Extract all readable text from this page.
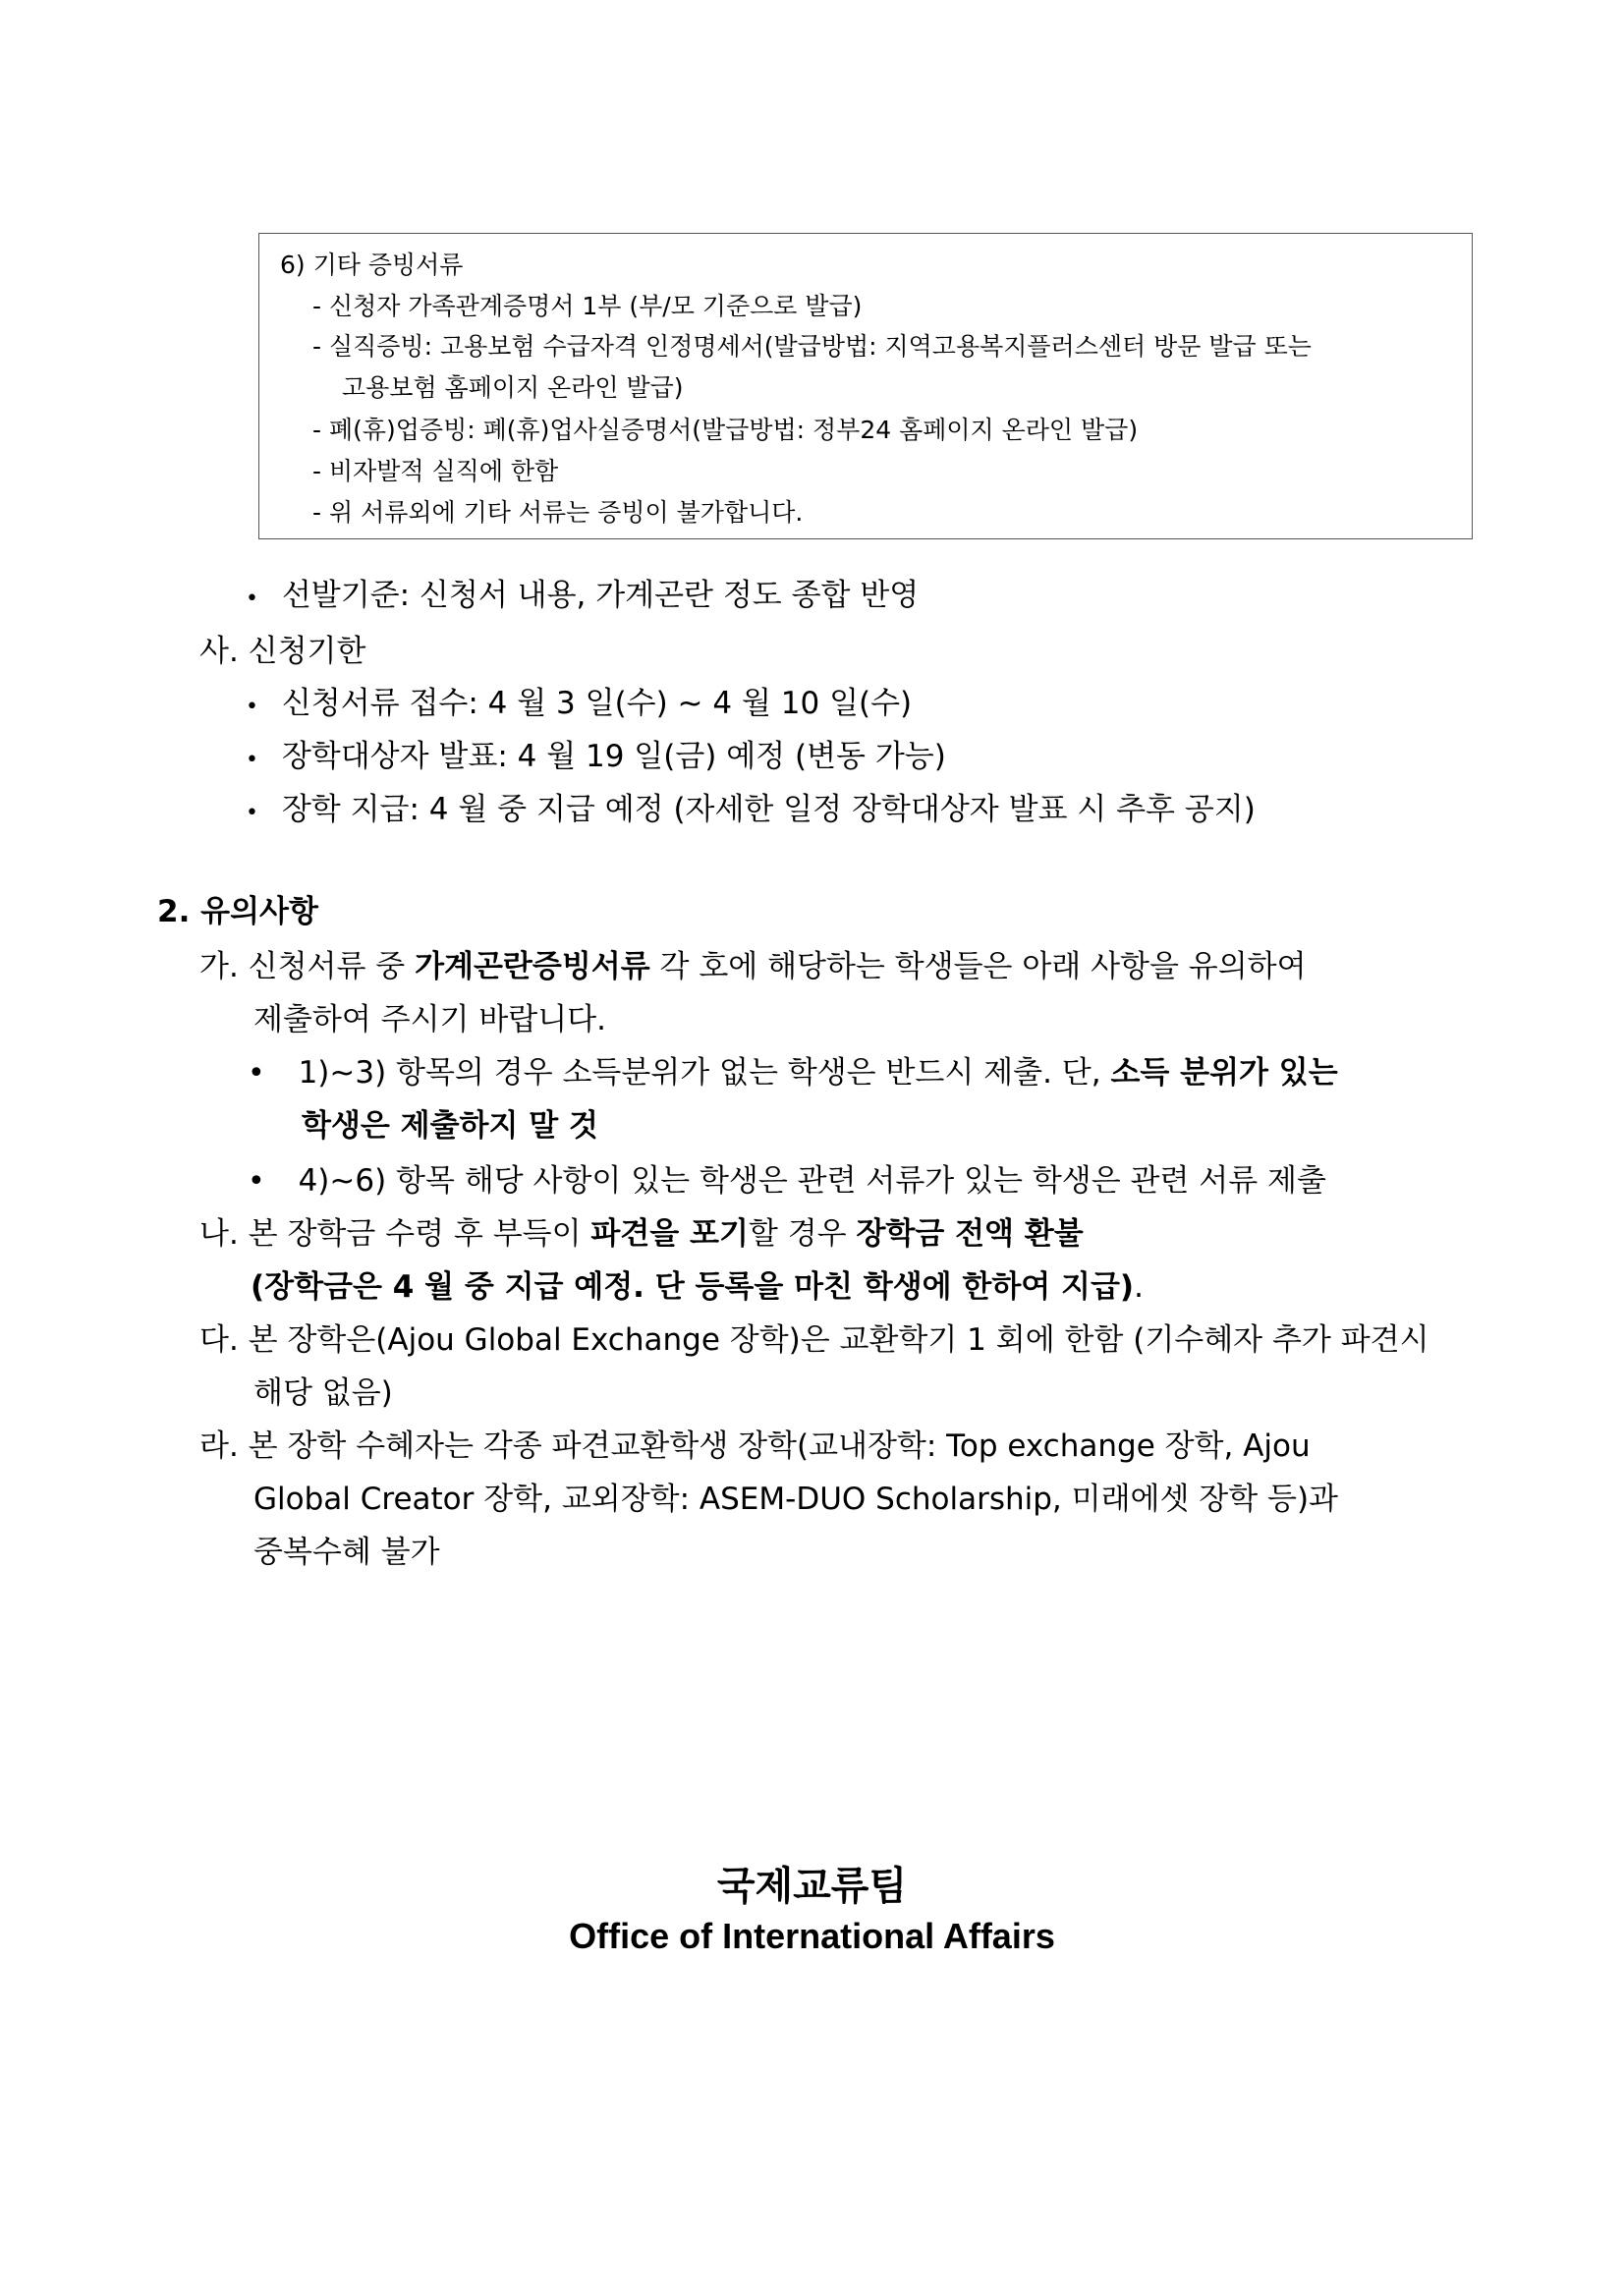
6) 기타 증빙서류
- 신청자 가족관계증명서 1부 (부/모 기준으로 발급)
- 실직증빙: 고용보험 수급자격 인정명세서(발급방법: 지역고용복지플러스센터 방문 발급 또는
고용보험 홈페이지 온라인 발급)
- 폐(휴)업증빙: 폐(휴)업사실증명서(발급방법: 정부24 홈페이지 온라인 발급)
- 비자발적 실직에 한함
- 위 서류외에 기타 서류는 증빙이 불가합니다.
• 선발기준: 신청서 내용, 가계곤란 정도 종합 반영
사. 신청기한
• 신청서류 접수: 4 월 3 일(수) ~ 4 월 10 일(수)
• 장학대상자 발표: 4 월 19 일(금) 예정 (변동 가능)
• 장학 지급: 4 월 중 지급 예정 (자세한 일정 장학대상자 발표 시 추후 공지)
2. 유의사항
가. 신청서류 중 가계곤란증빙서류 각 호에 해당하는 학생들은 아래 사항을 유의하여
제출하여 주시기 바랍니다.
• 1)~3) 항목의 경우 소득분위가 없는 학생은 반드시 제출. 단, 소득 분위가 있는
학생은 제출하지 말 것
• 4)~6) 항목 해당 사항이 있는 학생은 관련 서류가 있는 학생은 관련 서류 제출
나. 본 장학금 수령 후 부득이 파견을 포기할 경우 장학금 전액 환불
(장학금은 4 월 중 지급 예정. 단 등록을 마친 학생에 한하여 지급).
다. 본 장학은(Ajou Global Exchange 장학)은 교환학기 1 회에 한함 (기수혜자 추가 파견시
해당 없음)
라. 본 장학 수혜자는 각종 파견교환학생 장학(교내장학: Top exchange 장학, Ajou
Global Creator 장학, 교외장학: ASEM-DUO Scholarship, 미래에셋 장학 등)과
중복수혜 불가
국제교류팀
Office of International Affairs
